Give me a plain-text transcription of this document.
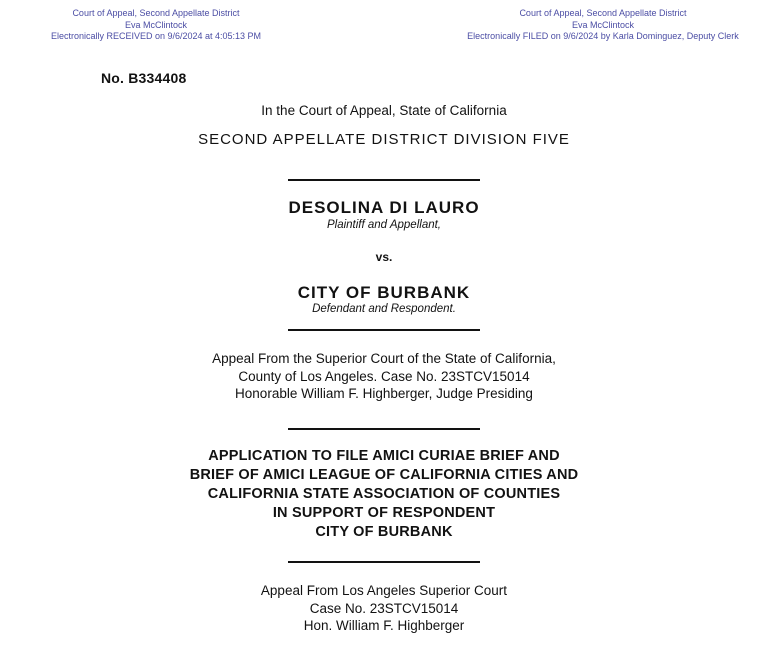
Court of Appeal, Second Appellate District
Eva McClintock
Electronically RECEIVED on 9/6/2024 at 4:05:13 PM
Court of Appeal, Second Appellate District
Eva McClintock
Electronically FILED on 9/6/2024 by Karla Dominguez, Deputy Clerk
No. B334408
In the Court of Appeal, State of California
SECOND APPELLATE DISTRICT DIVISION FIVE
DESOLINA DI LAURO
Plaintiff and Appellant,
vs.
CITY OF BURBANK
Defendant and Respondent.
Appeal From the Superior Court of the State of California,
County of Los Angeles. Case No. 23STCV15014
Honorable William F. Highberger, Judge Presiding
APPLICATION TO FILE AMICI CURIAE BRIEF AND
BRIEF OF AMICI LEAGUE OF CALIFORNIA CITIES AND
CALIFORNIA STATE ASSOCIATION OF COUNTIES
IN SUPPORT OF RESPONDENT
CITY OF BURBANK
Appeal From Los Angeles Superior Court
Case No. 23STCV15014
Hon. William F. Highberger
